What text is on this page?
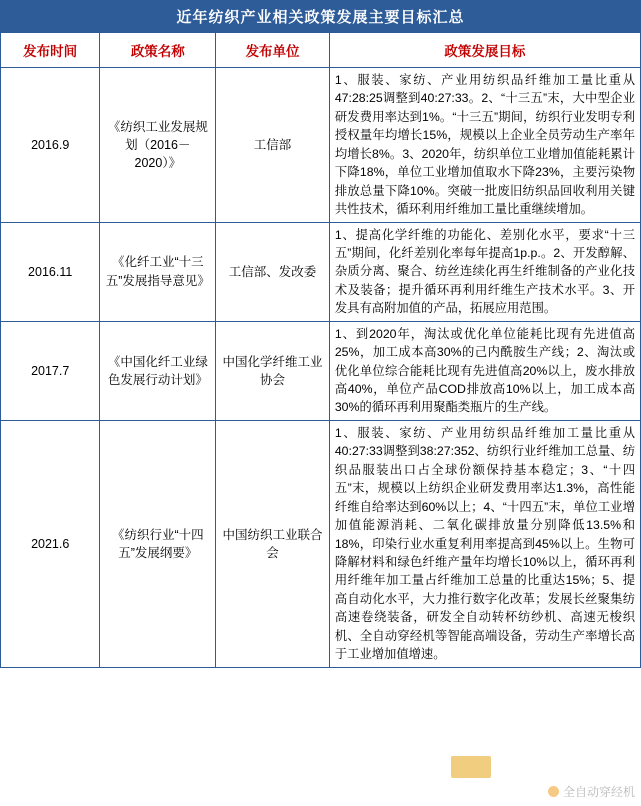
近年纺织产业相关政策发展主要目标汇总
发布时间	政策名称	发布单位	政策发展目标
2016.9	《纺织工业发展规划（2016－2020）》	工信部	1、服装、家纺、产业用纺织品纤维加工量比重从47:28:25调整到40:27:33。2、“十三五”末，大中型企业研发费用率达到1%。“十三五”期间，纺织行业发明专利授权量年均增长15%，规模以上企业全员劳动生产率年均增长8%。3、2020年，纺织单位工业增加值能耗累计下降18%，单位工业增加值取水下降23%，主要污染物排放总量下降10%。突破一批废旧纺织品回收利用关键共性技术，循环利用纤维加工量比重继续增加。
2016.11	《化纤工业“十三五”发展指导意见》	工信部、发改委	1、提高化学纤维的功能化、差别化水平，要求“十三五”期间，化纤差别化率每年提高1p.p.。2、开发醇解、杂质分离、聚合、纺丝连续化再生纤维制备的产业化技术及装备；提升循环再利用纤维生产技术水平。3、开发具有高附加值的产品，拓展应用范围。
2017.7	《中国化纤工业绿色发展行动计划》	中国化学纤维工业协会	1、到2020年，淘汰或优化单位能耗比现有先进值高25%，加工成本高30%的己内酰胺生产线；2、淘汰或优化单位综合能耗比现有先进值高20%以上，废水排放高40%，单位产品COD排放高10%以上，加工成本高30%的循环再利用聚酯类瓶片的生产线。
2021.6	《纺织行业“十四五”发展纲要》	中国纺织工业联合会	1、服装、家纺、产业用纺织品纤维加工量比重从40:27:33调整到38:27:352、纺织行业纤维加工总量、纺织品服装出口占全球份额保持基本稳定；3、“十四五”末，规模以上纺织企业研发费用率达1.3%，高性能纤维自给率达到60%以上；4、“十四五”末，单位工业增加值能源消耗、二氧化碳排放量分别降低13.5%和18%，印染行业水重复利用率提高到45%以上。生物可降解材料和绿色纤维产量年均增长10%以上，循环再利用纤维年加工量占纤维加工总量的比重达15%；5、提高自动化水平，大力推行数字化改革；发展长丝聚集纺高速卷绕装备，研发全自动转杯纺纱机、高速无梭织机、全自动穿经机等智能高端设备，劳动生产率增长高于工业增加值增速。
全自动穿经机
